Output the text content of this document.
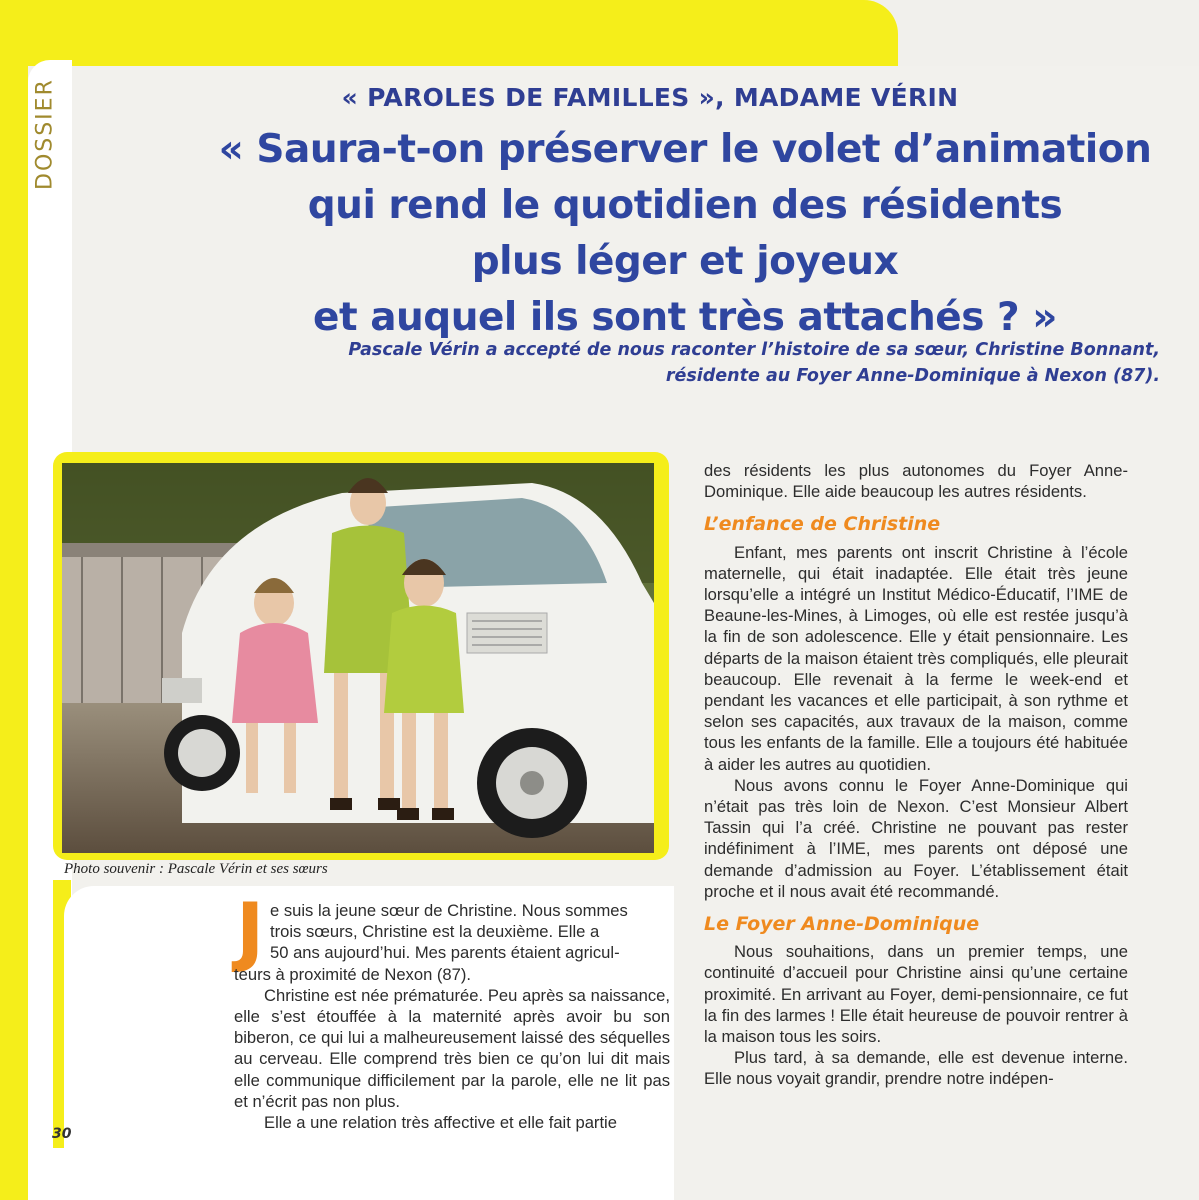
DOSSIER	« PAROLES DE FAMILLES », MADAME VÉRIN
« Saura-t-on préserver le volet d’animation
qui rend le quotidien des résidents
plus léger et joyeux
et auquel ils sont très attachés ? »
Pascale Vérin a accepté de nous raconter l’histoire de sa sœur, Christine Bonnant,
résidente au Foyer Anne-Dominique à Nexon (87).
Photo souvenir : Pascale Vérin et ses sœurs
J e suis la jeune sœur de Christine. Nous sommes

trois sœurs, Christine est la deuxième. Elle a

50 ans aujourd’hui. Mes parents étaient agricul-

teurs à proximité de Nexon (87).

Christine est née prématurée. Peu après sa naissance, elle s’est étouffée à la maternité après avoir bu son biberon, ce qui lui a malheureusement laissé des séquelles au cerveau. Elle comprend très bien ce qu’on lui dit mais elle communique difficilement par la parole, elle ne lit pas et n’écrit pas non plus.

Elle a une relation très affective et elle fait partie

des résidents les plus autonomes du Foyer Anne-Dominique. Elle aide beaucoup les autres résidents.

L’enfance de Christine

Enfant, mes parents ont inscrit Christine à l’école maternelle, qui était inadaptée. Elle était très jeune lorsqu’elle a intégré un Institut Médico-Éducatif, l’IME de Beaune-les-Mines, à Limoges, où elle est restée jusqu’à la fin de son adolescence. Elle y était pensionnaire. Les départs de la maison étaient très compliqués, elle pleurait beaucoup. Elle revenait à la ferme le week-end et pendant les vacances et elle participait, à son rythme et selon ses capacités, aux travaux de la maison, comme tous les enfants de la famille. Elle a toujours été habituée à aider les autres au quotidien.

Nous avons connu le Foyer Anne-Dominique qui n’était pas très loin de Nexon. C’est Monsieur Albert Tassin qui l’a créé. Christine ne pouvant pas rester indéfiniment à l’IME, mes parents ont déposé une demande d’admission au Foyer. L’établissement était proche et il nous avait été recommandé.

Le Foyer Anne-Dominique

Nous souhaitions, dans un premier temps, une continuité d’accueil pour Christine ainsi qu’une certaine proximité. En arrivant au Foyer, demi-pensionnaire, ce fut la fin des larmes ! Elle était heureuse de pouvoir rentrer à la maison tous les soirs.

Plus tard, à sa demande, elle est devenue interne. Elle nous voyait grandir, prendre notre indépen-

30
